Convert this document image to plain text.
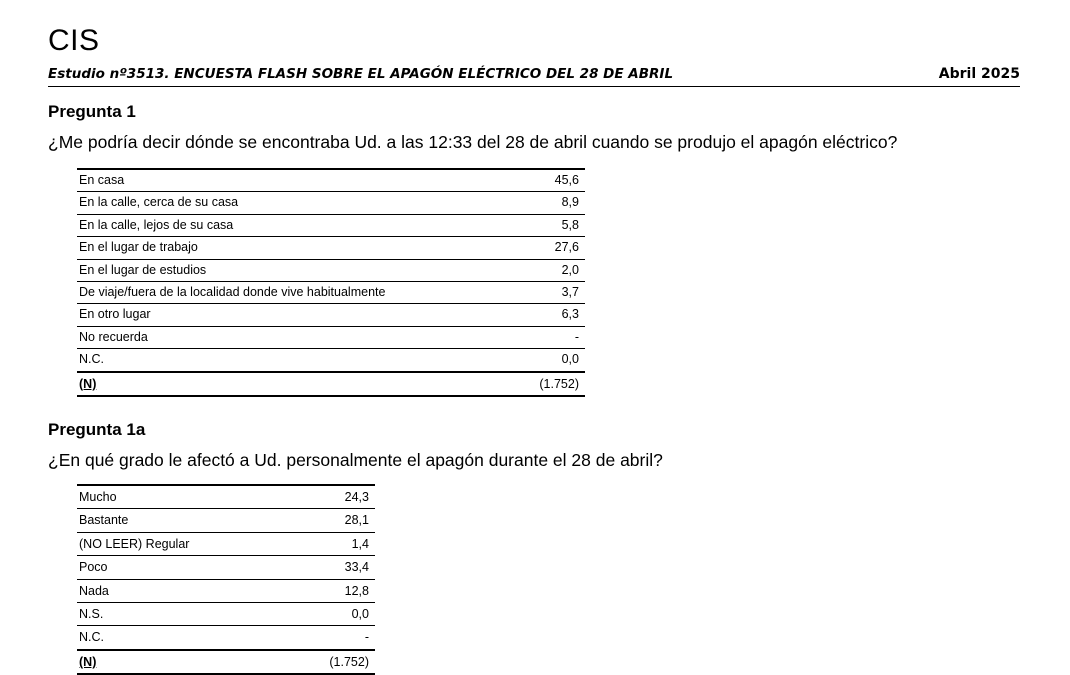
CIS
Estudio nº3513. ENCUESTA FLASH SOBRE EL APAGÓN ELÉCTRICO DEL 28 DE ABRIL	Abril 2025
Pregunta 1
¿Me podría decir dónde se encontraba Ud. a las 12:33 del 28 de abril cuando se produjo el apagón eléctrico?
En casa	45,6
En la calle, cerca de su casa	8,9
En la calle, lejos de su casa	5,8
En el lugar de trabajo	27,6
En el lugar de estudios	2,0
De viaje/fuera de la localidad donde vive habitualmente	3,7
En otro lugar	6,3
No recuerda	-
N.C.	0,0
(N)	(1.752)
Pregunta 1a
¿En qué grado le afectó a Ud. personalmente el apagón durante el 28 de abril?
Mucho	24,3
Bastante	28,1
(NO LEER) Regular	1,4
Poco	33,4
Nada	12,8
N.S.	0,0
N.C.	-
(N)	(1.752)
